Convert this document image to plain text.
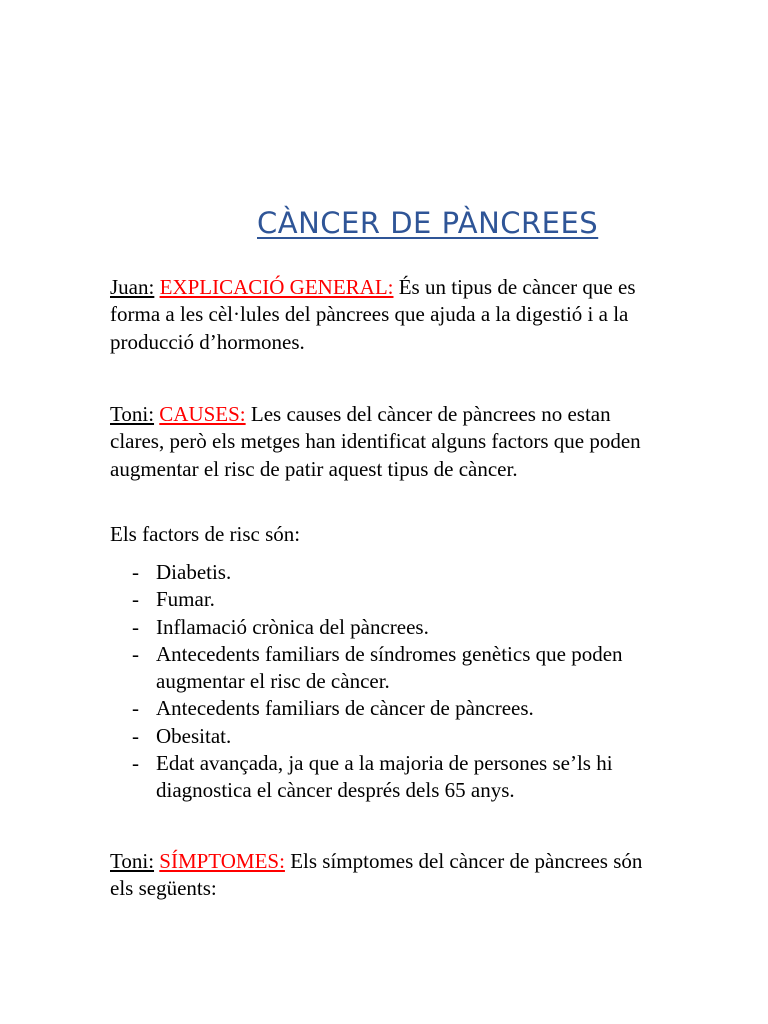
CÀNCER DE PÀNCREES
Juan: EXPLICACIÓ GENERAL: És un tipus de càncer que es forma a les cèl·lules del pàncrees que ajuda a la digestió i a la producció d’hormones.
Toni: CAUSES: Les causes del càncer de pàncrees no estan clares, però els metges han identificat alguns factors que poden augmentar el risc de patir aquest tipus de càncer.
Els factors de risc són:
- Diabetis.
- Fumar.
- Inflamació crònica del pàncrees.
- Antecedents familiars de síndromes genètics que poden augmentar el risc de càncer.
- Antecedents familiars de càncer de pàncrees.
- Obesitat.
- Edat avançada, ja que a la majoria de persones se’ls hi diagnostica el càncer després dels 65 anys.
Toni: SÍMPTOMES: Els símptomes del càncer de pàncrees són els següents:
